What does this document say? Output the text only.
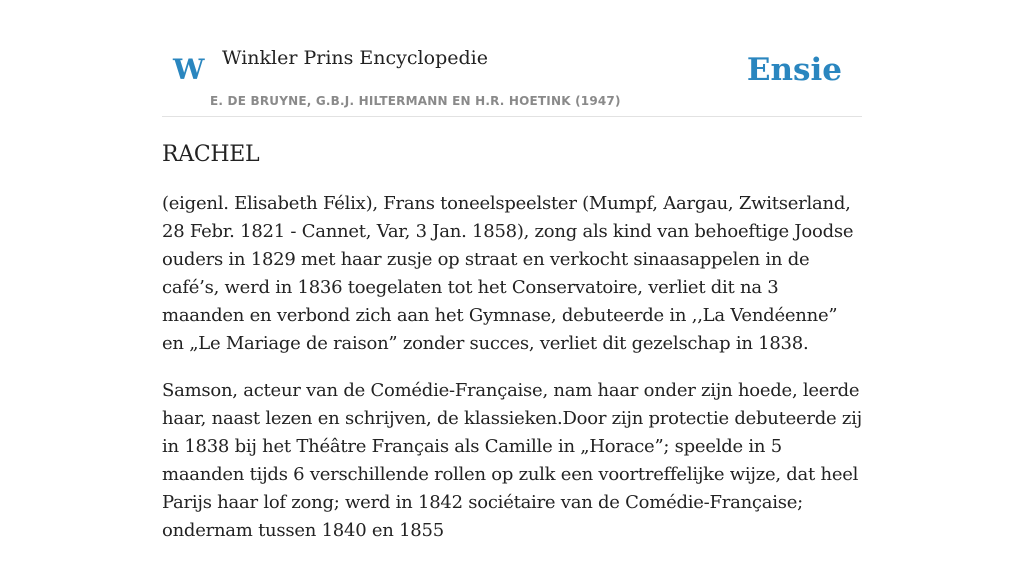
W Winkler Prins Encyclopedie
E. DE BRUYNE, G.B.J. HILTERMANN EN H.R. HOETINK (1947)
Ensie
RACHEL

(eigenl. Elisabeth Félix), Frans toneelspeelster (Mumpf, Aargau, Zwitserland, 28 Febr. 1821 - Cannet, Var, 3 Jan. 1858), zong als kind van behoeftige Joodse ouders in 1829 met haar zusje op straat en verkocht sinaasappelen in de café’s, werd in 1836 toegelaten tot het Conservatoire, verliet dit na 3 maanden en verbond zich aan het Gymnase, debuteerde in ,,La Vendéenne” en „Le Mariage de raison” zonder succes, verliet dit gezelschap in 1838.

Samson, acteur van de Comédie-Française, nam haar onder zijn hoede, leerde haar, naast lezen en schrijven, de klassieken.Door zijn protectie debuteerde zij in 1838 bij het Théâtre Français als Camille in „Horace”; speelde in 5 maanden tijds 6 verschillende rollen op zulk een voortreffelijke wijze, dat heel Parijs haar lof zong; werd in 1842 sociétaire van de Comédie-Française; ondernam tussen 1840 en 1855
